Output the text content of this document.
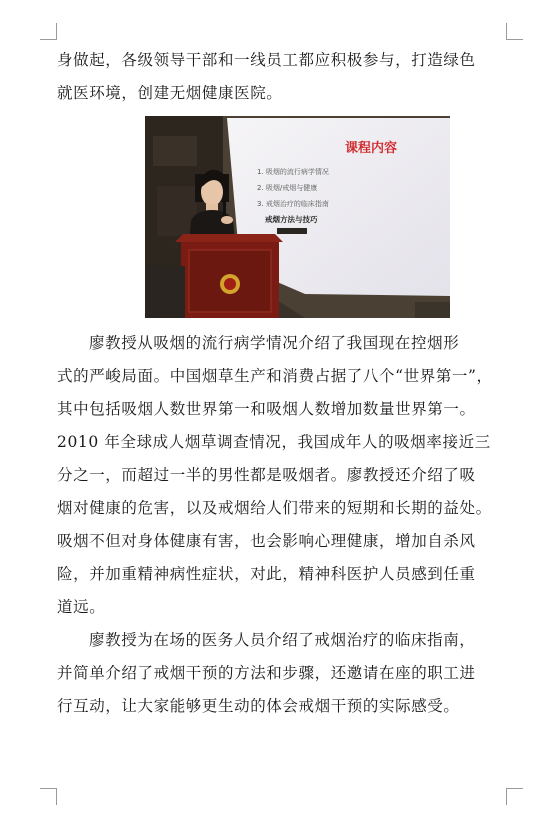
身做起，各级领导干部和一线员工都应积极参与，打造绿色
就医环境，创建无烟健康医院。
课程内容
1. 吸烟的流行病学情况
2. 吸烟/戒烟与健康
3. 戒烟治疗的临床指南
戒烟方法与技巧
廖教授从吸烟的流行病学情况介绍了我国现在控烟形
式的严峻局面。中国烟草生产和消费占据了八个“世界第一”，
其中包括吸烟人数世界第一和吸烟人数增加数量世界第一。
2010 年全球成人烟草调查情况，我国成年人的吸烟率接近三
分之一，而超过一半的男性都是吸烟者。廖教授还介绍了吸
烟对健康的危害，以及戒烟给人们带来的短期和长期的益处。
吸烟不但对身体健康有害，也会影响心理健康，增加自杀风
险，并加重精神病性症状，对此，精神科医护人员感到任重
道远。
廖教授为在场的医务人员介绍了戒烟治疗的临床指南，
并简单介绍了戒烟干预的方法和步骤，还邀请在座的职工进
行互动，让大家能够更生动的体会戒烟干预的实际感受。
